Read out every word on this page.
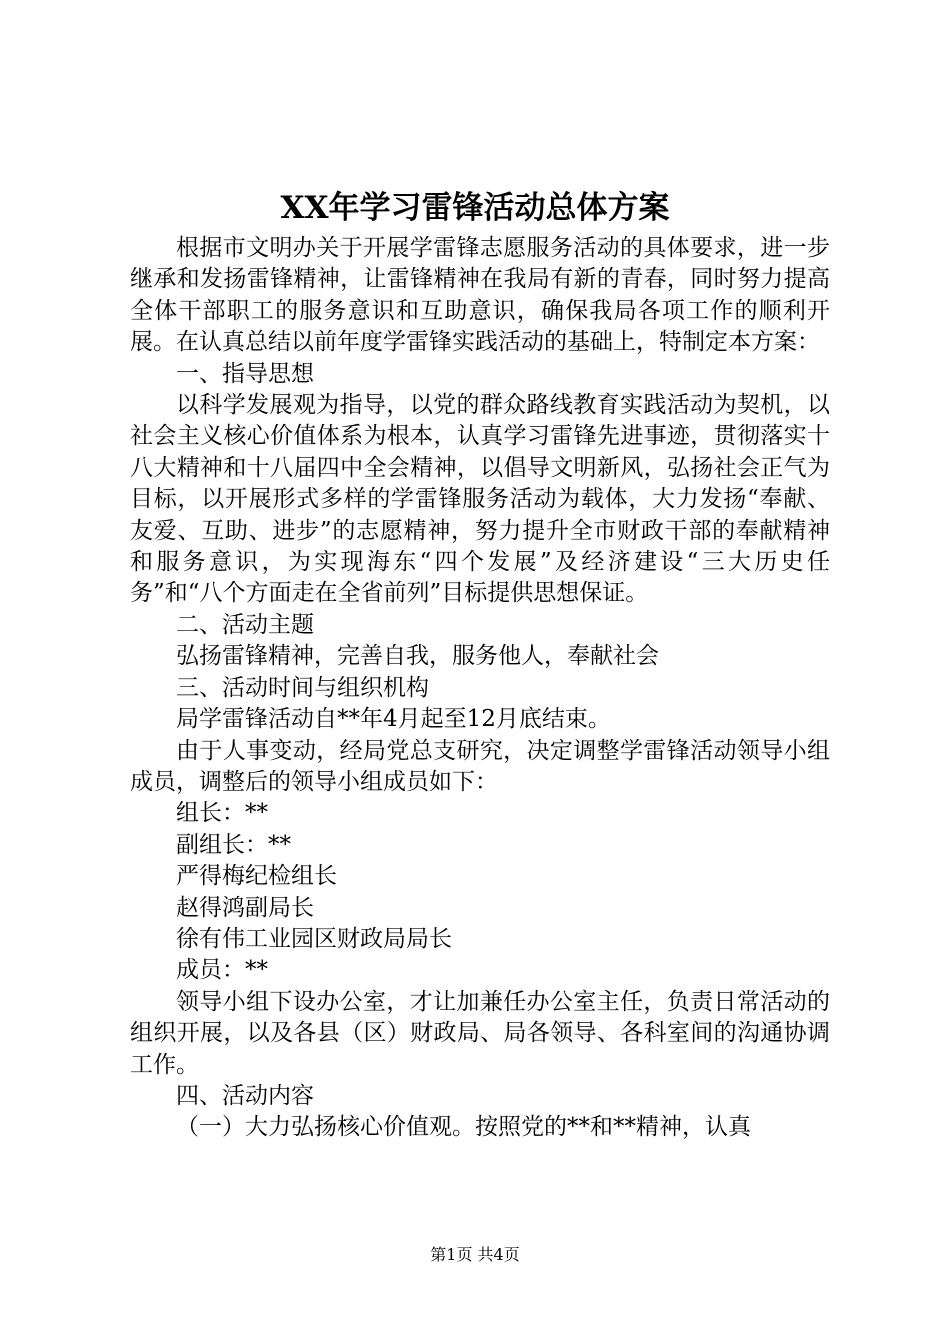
XX年学习雷锋活动总体方案

根据市文明办关于开展学雷锋志愿服务活动的具体要求，进一步继承和发扬雷锋精神，让雷锋精神在我局有新的青春，同时努力提高全体干部职工的服务意识和互助意识，确保我局各项工作的顺利开展。在认真总结以前年度学雷锋实践活动的基础上，特制定本方案：

一、指导思想

以科学发展观为指导，以党的群众路线教育实践活动为契机，以社会主义核心价值体系为根本，认真学习雷锋先进事迹，贯彻落实十八大精神和十八届四中全会精神，以倡导文明新风，弘扬社会正气为目标，以开展形式多样的学雷锋服务活动为载体，大力发扬“奉献、友爱、互助、进步”的志愿精神，努力提升全市财政干部的奉献精神和服务意识，为实现海东“四个发展”及经济建设“三大历史任务”和“八个方面走在全省前列”目标提供思想保证。

二、活动主题

弘扬雷锋精神，完善自我，服务他人，奉献社会

三、活动时间与组织机构

局学雷锋活动自**年4月起至12月底结束。

由于人事变动，经局党总支研究，决定调整学雷锋活动领导小组成员，调整后的领导小组成员如下：

组长：**

副组长：**

严得梅纪检组长

赵得鸿副局长

徐有伟工业园区财政局局长

成员：**

领导小组下设办公室，才让加兼任办公室主任，负责日常活动的组织开展，以及各县（区）财政局、局各领导、各科室间的沟通协调工作。

四、活动内容

（一）大力弘扬核心价值观。按照党的**和**精神，认真

第1页 共4页
